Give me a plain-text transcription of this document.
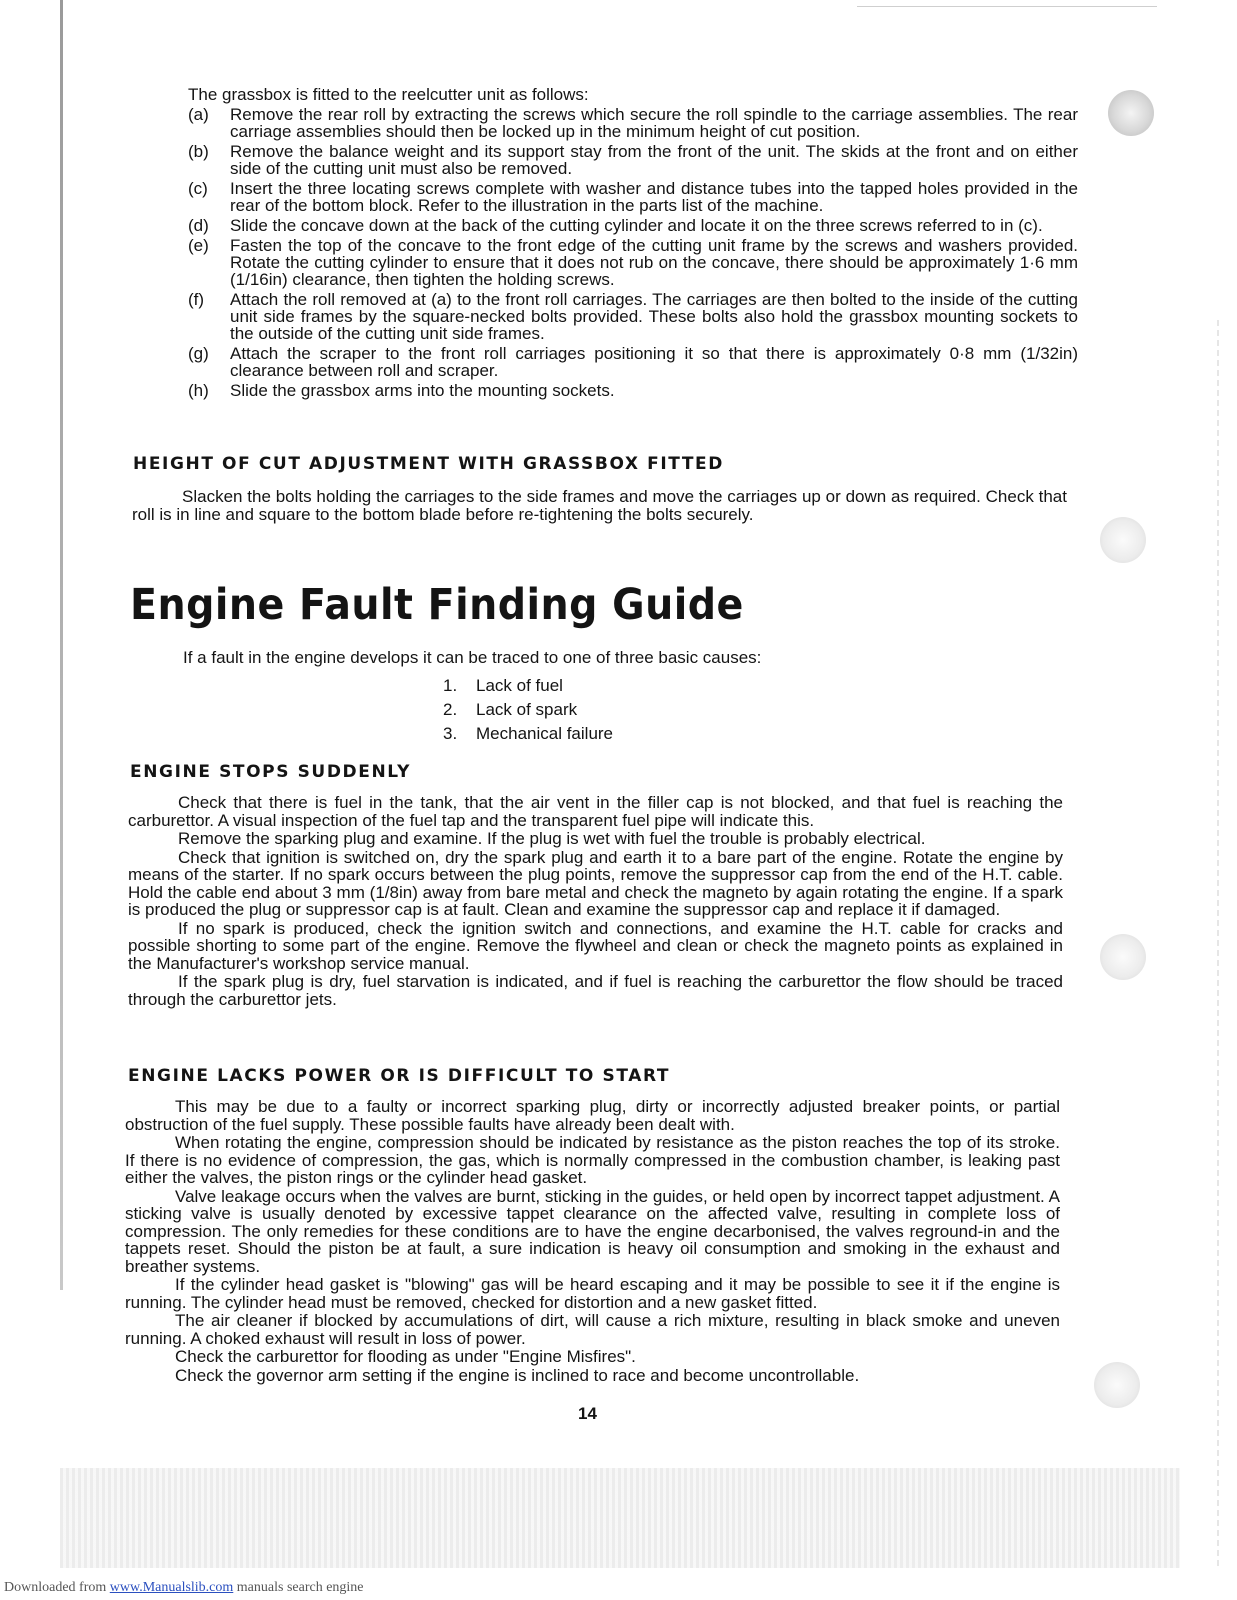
The grassbox is fitted to the reelcutter unit as follows:
(a)	Remove the rear roll by extracting the screws which secure the roll spindle to the carriage assemblies. The rear carriage assemblies should then be locked up in the minimum height of cut position.
(b)	Remove the balance weight and its support stay from the front of the unit. The skids at the front and on either side of the cutting unit must also be removed.
(c)	Insert the three locating screws complete with washer and distance tubes into the tapped holes provided in the rear of the bottom block. Refer to the illustration in the parts list of the machine.
(d)	Slide the concave down at the back of the cutting cylinder and locate it on the three screws referred to in (c).
(e)	Fasten the top of the concave to the front edge of the cutting unit frame by the screws and washers provided. Rotate the cutting cylinder to ensure that it does not rub on the concave, there should be approximately 1·6 mm (1/16in) clearance, then tighten the holding screws.
(f)	Attach the roll removed at (a) to the front roll carriages. The carriages are then bolted to the inside of the cutting unit side frames by the square-necked bolts provided. These bolts also hold the grassbox mounting sockets to the outside of the cutting unit side frames.
(g)	Attach the scraper to the front roll carriages positioning it so that there is approximately 0·8 mm (1/32in) clearance between roll and scraper.
(h)	Slide the grassbox arms into the mounting sockets.
HEIGHT OF CUT ADJUSTMENT WITH GRASSBOX FITTED

Slacken the bolts holding the carriages to the side frames and move the carriages up or down as required. Check that roll is in line and square to the bottom blade before re-tightening the bolts securely.

Engine Fault Finding Guide
If a fault in the engine develops it can be traced to one of three basic causes:
1.	Lack of fuel
2.	Lack of spark
3.	Mechanical failure
ENGINE STOPS SUDDENLY

Check that there is fuel in the tank, that the air vent in the filler cap is not blocked, and that fuel is reaching the carburettor. A visual inspection of the fuel tap and the transparent fuel pipe will indicate this.

Remove the sparking plug and examine. If the plug is wet with fuel the trouble is probably electrical.

Check that ignition is switched on, dry the spark plug and earth it to a bare part of the engine. Rotate the engine by means of the starter. If no spark occurs between the plug points, remove the suppressor cap from the end of the H.T. cable. Hold the cable end about 3 mm (1/8in) away from bare metal and check the magneto by again rotating the engine. If a spark is produced the plug or suppressor cap is at fault. Clean and examine the suppressor cap and replace it if damaged.

If no spark is produced, check the ignition switch and connections, and examine the H.T. cable for cracks and possible shorting to some part of the engine. Remove the flywheel and clean or check the magneto points as explained in the Manufacturer's workshop service manual.

If the spark plug is dry, fuel starvation is indicated, and if fuel is reaching the carburettor the flow should be traced through the carburettor jets.

ENGINE LACKS POWER OR IS DIFFICULT TO START

This may be due to a faulty or incorrect sparking plug, dirty or incorrectly adjusted breaker points, or partial obstruction of the fuel supply. These possible faults have already been dealt with.

When rotating the engine, compression should be indicated by resistance as the piston reaches the top of its stroke. If there is no evidence of compression, the gas, which is normally compressed in the combustion chamber, is leaking past either the valves, the piston rings or the cylinder head gasket.

Valve leakage occurs when the valves are burnt, sticking in the guides, or held open by incorrect tappet adjustment. A sticking valve is usually denoted by excessive tappet clearance on the affected valve, resulting in complete loss of compression. The only remedies for these conditions are to have the engine decarbonised, the valves reground-in and the tappets reset. Should the piston be at fault, a sure indication is heavy oil consumption and smoking in the exhaust and breather systems.

If the cylinder head gasket is "blowing" gas will be heard escaping and it may be possible to see it if the engine is running. The cylinder head must be removed, checked for distortion and a new gasket fitted.

The air cleaner if blocked by accumulations of dirt, will cause a rich mixture, resulting in black smoke and uneven running. A choked exhaust will result in loss of power.

Check the carburettor for flooding as under "Engine Misfires".

Check the governor arm setting if the engine is inclined to race and become uncontrollable.

14
Downloaded from www.Manualslib.com manuals search engine
